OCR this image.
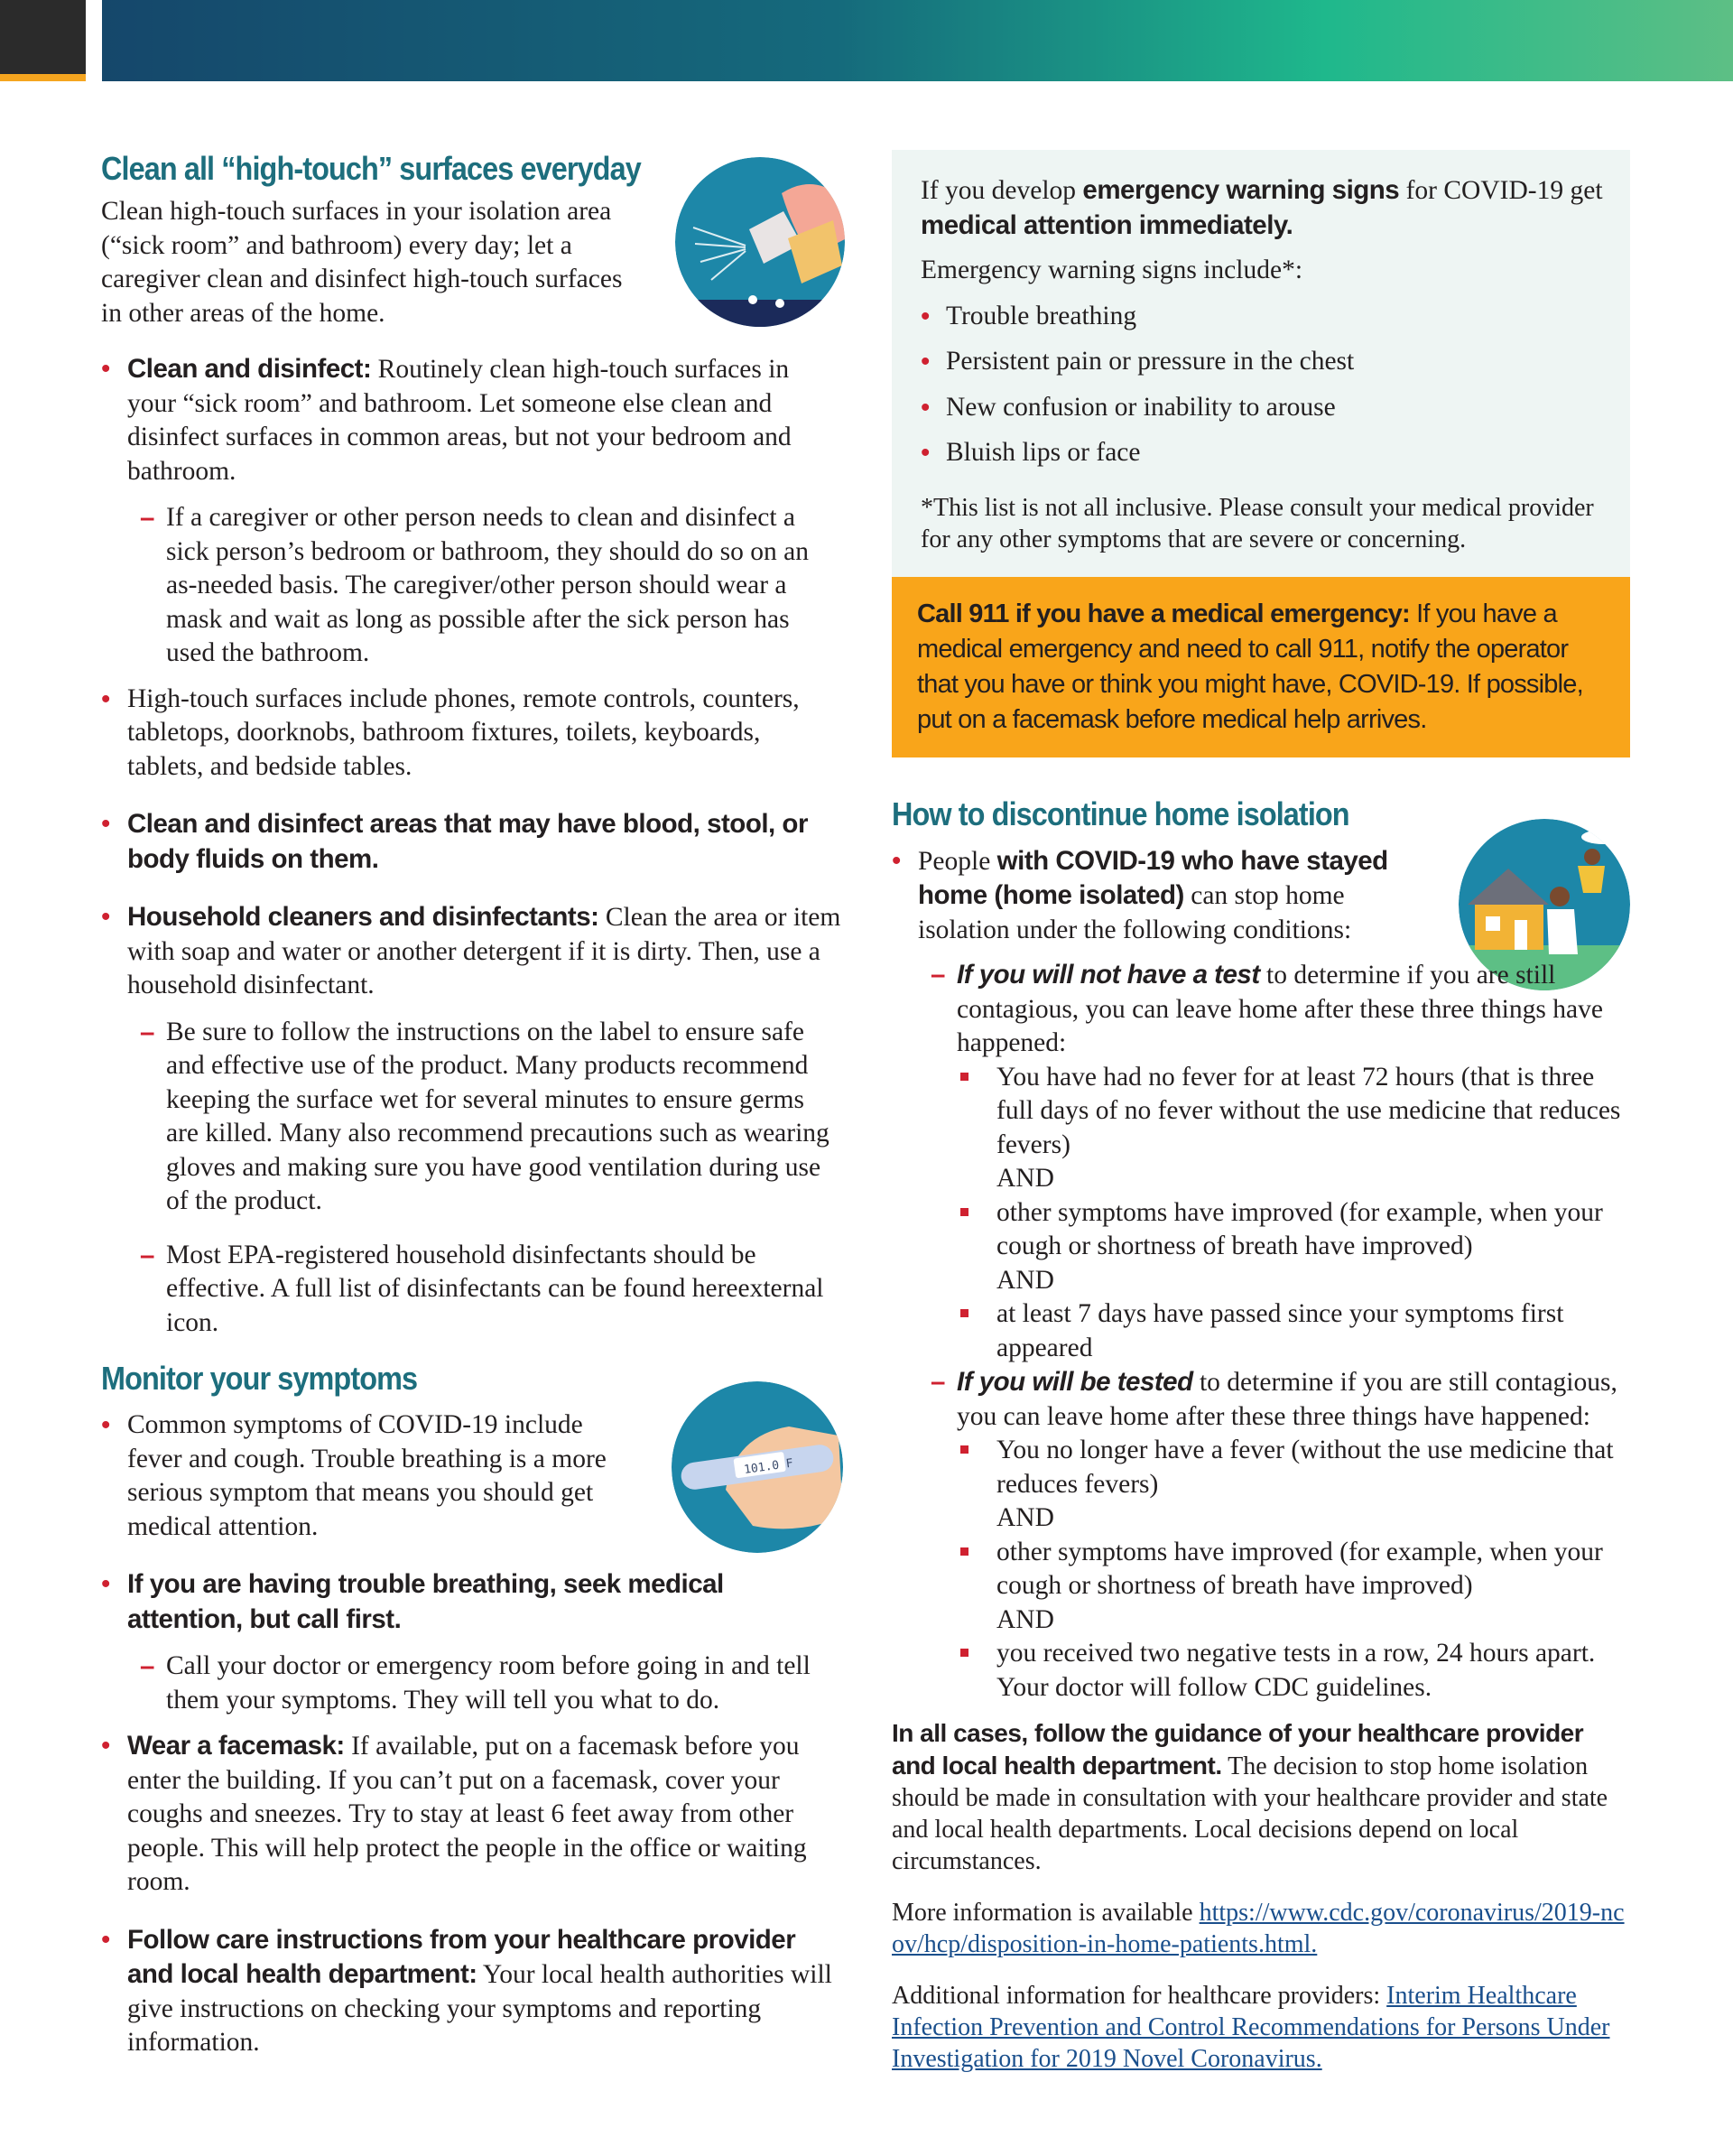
Clean all “high-touch” surfaces everyday

Clean high-touch surfaces in your isolation area (“sick room” and bathroom) every day; let a caregiver clean and disinfect high-touch surfaces in other areas of the home.

• Clean and disinfect: Routinely clean high-touch surfaces in your “sick room” and bathroom. Let someone else clean and disinfect surfaces in common areas, but not your bedroom and bathroom.
– If a caregiver or other person needs to clean and disinfect a sick person’s bedroom or bathroom, they should do so on an as-needed basis. The caregiver/other person should wear a mask and wait as long as possible after the sick person has used the bathroom.
• High-touch surfaces include phones, remote controls, counters, tabletops, doorknobs, bathroom fixtures, toilets, keyboards, tablets, and bedside tables.
• Clean and disinfect areas that may have blood, stool, or body fluids on them.
• Household cleaners and disinfectants: Clean the area or item with soap and water or another detergent if it is dirty. Then, use a household disinfectant.
– Be sure to follow the instructions on the label to ensure safe and effective use of the product. Many products recommend keeping the surface wet for several minutes to ensure germs are killed. Many also recommend precautions such as wearing gloves and making sure you have good ventilation during use of the product.
– Most EPA-registered household disinfectants should be effective. A full list of disinfectants can be found hereexternal icon.
Monitor your symptoms
101.0 F
• Common symptoms of COVID-19 include fever and cough. Trouble breathing is a more serious symptom that means you should get medical attention.
• If you are having trouble breathing, seek medical attention, but call first.
– Call your doctor or emergency room before going in and tell them your symptoms. They will tell you what to do.
• Wear a facemask: If available, put on a facemask before you enter the building. If you can’t put on a facemask, cover your coughs and sneezes. Try to stay at least 6 feet away from other people. This will help protect the people in the office or waiting room.
• Follow care instructions from your healthcare provider and local health department: Your local health authorities will give instructions on checking your symptoms and reporting information.

If you develop emergency warning signs for COVID-19 get medical attention immediately.

Emergency warning signs include*:

• Trouble breathing
• Persistent pain or pressure in the chest
• New confusion or inability to arouse
• Bluish lips or face

*This list is not all inclusive. Please consult your medical provider for any other symptoms that are severe or concerning.

Call 911 if you have a medical emergency: If you have a medical emergency and need to call 911, notify the operator that you have or think you might have, COVID-19. If possible, put on a facemask before medical help arrives.
How to discontinue home isolation
• People with COVID-19 who have stayed home (home isolated) can stop home isolation under the following conditions:
– If you will not have a test to determine if you are still contagious, you can leave home after these three things have happened:
You have had no fever for at least 72 hours (that is three full days of no fever without the use medicine that reduces fevers)
AND
other symptoms have improved (for example, when your cough or shortness of breath have improved)
AND
at least 7 days have passed since your symptoms first appeared
– If you will be tested to determine if you are still contagious, you can leave home after these three things have happened:
You no longer have a fever (without the use medicine that reduces fevers)
AND
other symptoms have improved (for example, when your cough or shortness of breath have improved)
AND
you received two negative tests in a row, 24 hours apart. Your doctor will follow CDC guidelines.

In all cases, follow the guidance of your healthcare provider and local health department. The decision to stop home isolation should be made in consultation with your healthcare provider and state and local health departments. Local decisions depend on local circumstances.

More information is available https://www.cdc.gov/coronavirus/2019-ncov/hcp/disposition-in-home-patients.html.

Additional information for healthcare providers: Interim Healthcare Infection Prevention and Control Recommendations for Persons Under Investigation for 2019 Novel Coronavirus.
